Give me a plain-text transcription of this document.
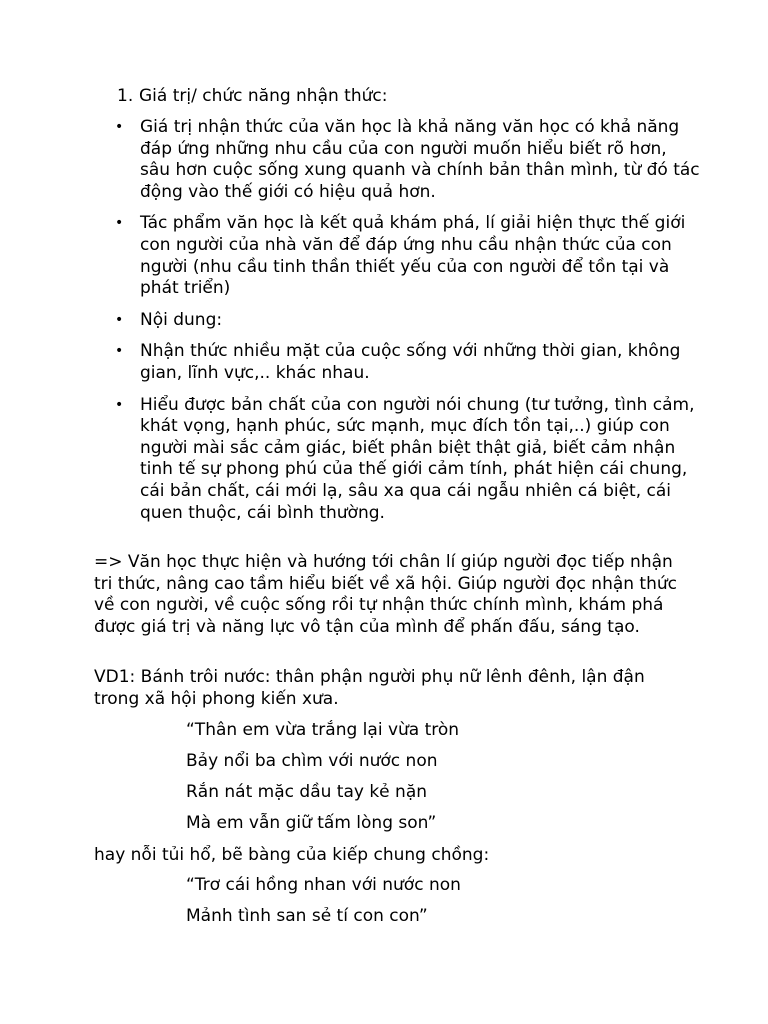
1. Giá trị/ chức năng nhận thức:
• Giá trị nhận thức của văn học là khả năng văn học có khả năng đáp ứng những nhu cầu của con người muốn hiểu biết rõ hơn, sâu hơn cuộc sống xung quanh và chính bản thân mình, từ đó tác động vào thế giới có hiệu quả hơn.
• Tác phẩm văn học là kết quả khám phá, lí giải hiện thực thế giới con người của nhà văn để đáp ứng nhu cầu nhận thức của con người (nhu cầu tinh thần thiết yếu của con người để tồn tại và phát triển)
• Nội dung:
• Nhận thức nhiều mặt của cuộc sống với những thời gian, không gian, lĩnh vực,.. khác nhau.
• Hiểu được bản chất của con người nói chung (tư tưởng, tình cảm, khát vọng, hạnh phúc, sức mạnh, mục đích tồn tại,..) giúp con người mài sắc cảm giác, biết phân biệt thật giả, biết cảm nhận tinh tế sự phong phú của thế giới cảm tính, phát hiện cái chung, cái bản chất, cái mới lạ, sâu xa qua cái ngẫu nhiên cá biệt, cái quen thuộc, cái bình thường.
=> Văn học thực hiện và hướng tới chân lí giúp người đọc tiếp nhận tri thức, nâng cao tầm hiểu biết về xã hội. Giúp người đọc nhận thức về con người, về cuộc sống rồi tự nhận thức chính mình, khám phá được giá trị và năng lực vô tận của mình để phấn đấu, sáng tạo.
VD1: Bánh trôi nước: thân phận người phụ nữ lênh đênh, lận đận trong xã hội phong kiến xưa.
“Thân em vừa trắng lại vừa tròn
Bảy nổi ba chìm với nước non
Rắn nát mặc dầu tay kẻ nặn
Mà em vẫn giữ tấm lòng son”
hay nỗi tủi hổ, bẽ bàng của kiếp chung chồng:
“Trơ cái hồng nhan với nước non
Mảnh tình san sẻ tí con con”
